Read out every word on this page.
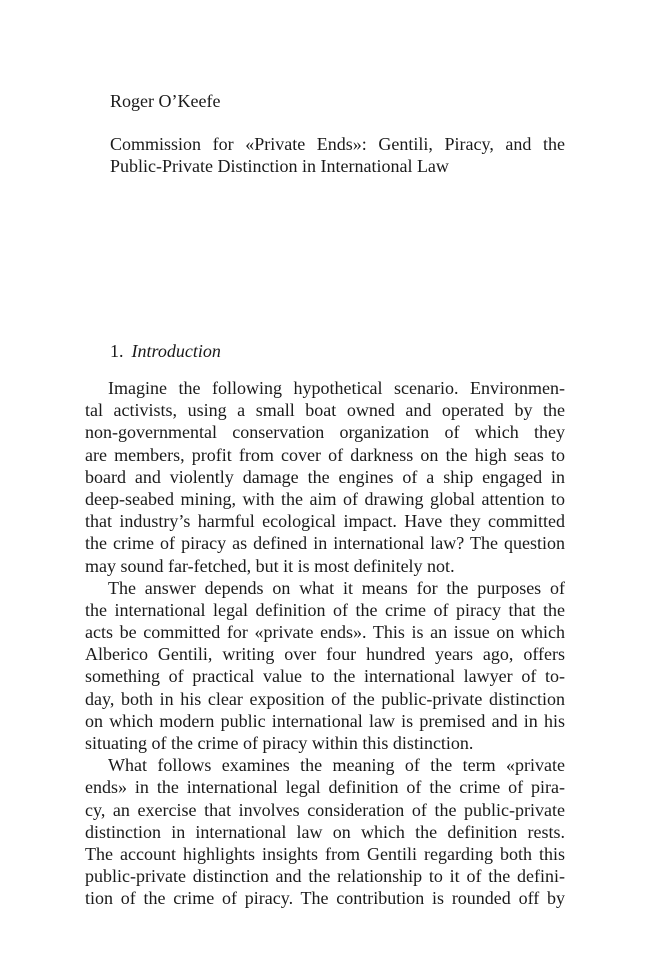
Roger O’Keefe
Commission for «Private Ends»: Gentili, Piracy, and the Public-Private Distinction in International Law
1. Introduction
Imagine the following hypothetical scenario. Environmen-
tal activists, using a small boat owned and operated by the
non-governmental conservation organization of which they
are members, profit from cover of darkness on the high seas to
board and violently damage the engines of a ship engaged in
deep-seabed mining, with the aim of drawing global attention to
that industry’s harmful ecological impact. Have they committed
the crime of piracy as defined in international law? The question
may sound far-fetched, but it is most definitely not.
The answer depends on what it means for the purposes of
the international legal definition of the crime of piracy that the
acts be committed for «private ends». This is an issue on which
Alberico Gentili, writing over four hundred years ago, offers
something of practical value to the international lawyer of to-
day, both in his clear exposition of the public-private distinction
on which modern public international law is premised and in his
situating of the crime of piracy within this distinction.
What follows examines the meaning of the term «private
ends» in the international legal definition of the crime of pira-
cy, an exercise that involves consideration of the public-private
distinction in international law on which the definition rests.
The account highlights insights from Gentili regarding both this
public-private distinction and the relationship to it of the defini-
tion of the crime of piracy. The contribution is rounded off by
